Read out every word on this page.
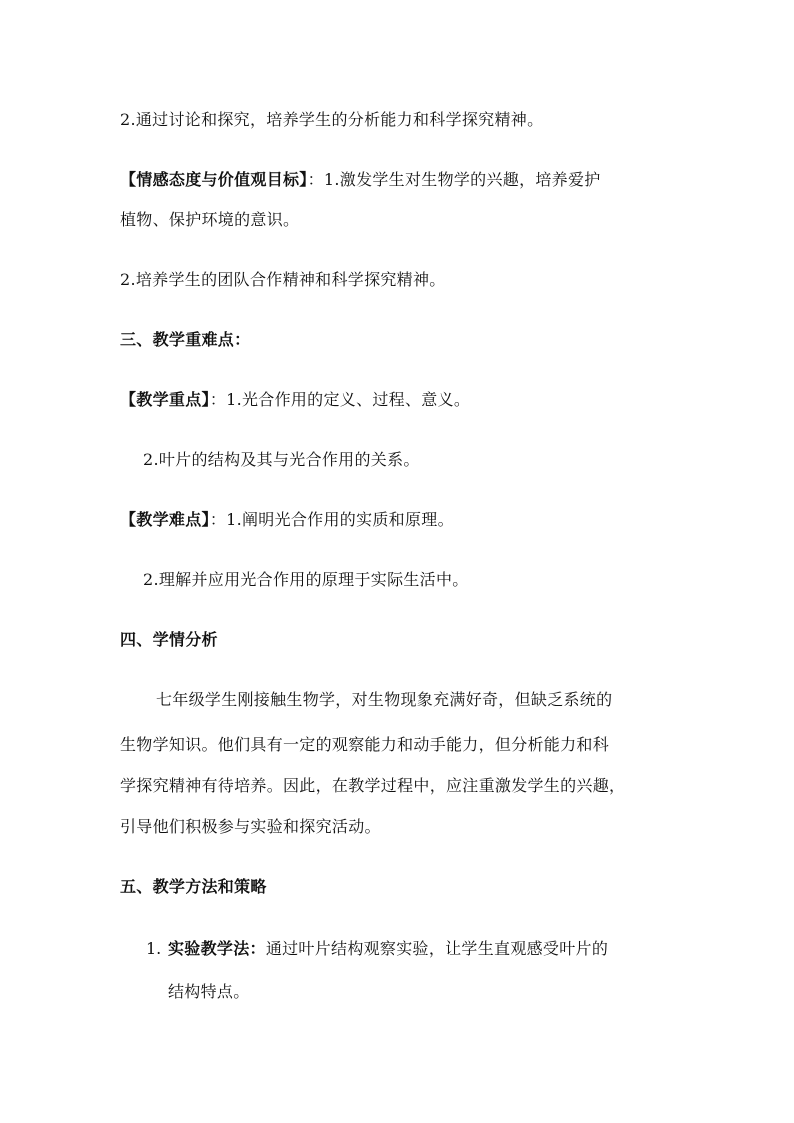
2.通过讨论和探究，培养学生的分析能力和科学探究精神。
【情感态度与价值观目标】：1.激发学生对生物学的兴趣，培养爱护
植物、保护环境的意识。
2.培养学生的团队合作精神和科学探究精神。
三、教学重难点：
【教学重点】：1.光合作用的定义、过程、意义。
2.叶片的结构及其与光合作用的关系。
【教学难点】：1.阐明光合作用的实质和原理。
2.理解并应用光合作用的原理于实际生活中。
四、学情分析
七年级学生刚接触生物学，对生物现象充满好奇，但缺乏系统的
生物学知识。他们具有一定的观察能力和动手能力，但分析能力和科
学探究精神有待培养。因此，在教学过程中，应注重激发学生的兴趣，
引导他们积极参与实验和探究活动。
五、教学方法和策略
1. 实验教学法：通过叶片结构观察实验，让学生直观感受叶片的
结构特点。
